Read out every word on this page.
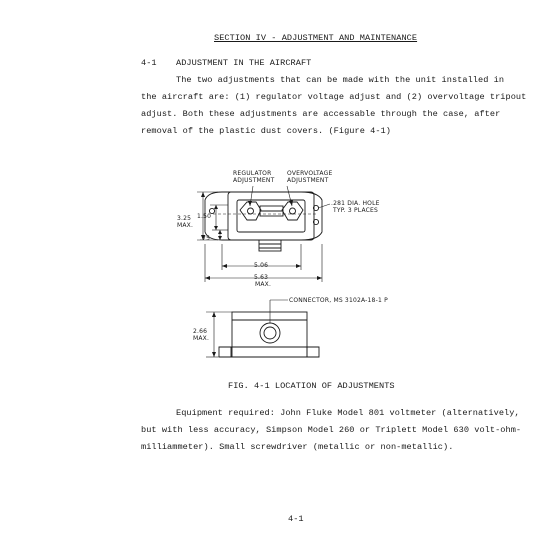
SECTION IV - ADJUSTMENT AND MAINTENANCE
4-1 ADJUSTMENT IN THE AIRCRAFT
The two adjustments that can be made with the unit installed in
the aircraft are: (1) regulator voltage adjust and (2) overvoltage tripout
adjust. Both these adjustments are accessable through the case, after
removal of the plastic dust covers. (Figure 4-1)
REGULATOR
ADJUSTMENT
OVERVOLTAGE
ADJUSTMENT
.281 DIA. HOLE
TYP. 3 PLACES
3.25
MAX.
1.50
.75
5.06
5.63
MAX.
CONNECTOR, MS 3102A-18-1 P
2.66
MAX.
FIG. 4-1 LOCATION OF ADJUSTMENTS
Equipment required: John Fluke Model 801 voltmeter (alternatively,
but with less accuracy, Simpson Model 260 or Triplett Model 630 volt-ohm-
milliammeter). Small screwdriver (metallic or non-metallic).
4-1
